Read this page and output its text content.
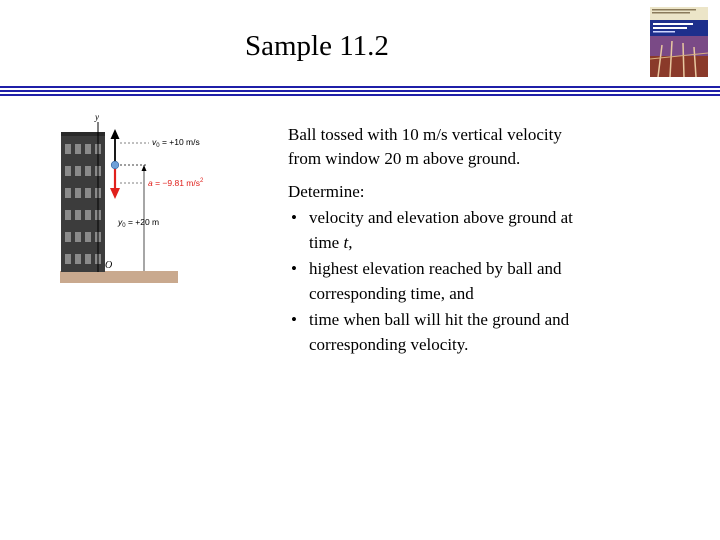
Sample 11.2
y
O
$v_0 = +10$ m/s
a = −9.81 $m/s^2$
$y_0 = +20$ m
Ball tossed with 10 m/s vertical velocity
from window 20 m above ground.
Determine:
• velocity and elevation above ground at
time t,
• highest elevation reached by ball and
corresponding time, and
• time when ball will hit the ground and
corresponding velocity.
